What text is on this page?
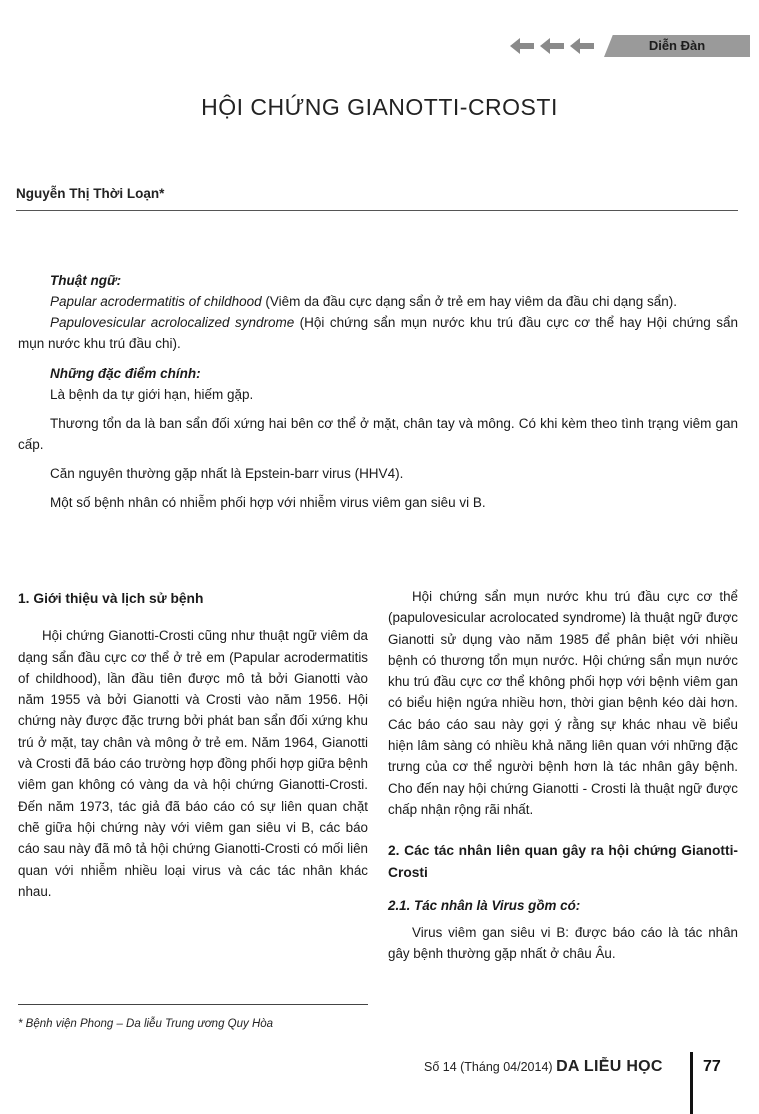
Diễn Đàn
HỘI CHỨNG GIANOTTI-CROSTI
Nguyễn Thị Thời Loạn*

Thuật ngữ:

Papular acrodermatitis of childhood (Viêm da đầu cực dạng sẩn ở trẻ em hay viêm da đầu chi dạng sẩn).

Papulovesicular acrolocalized syndrome (Hội chứng sẩn mụn nước khu trú đầu cực cơ thể hay Hội chứng sẩn mụn nước khu trú đầu chi).

Những đặc điểm chính:

Là bệnh da tự giới hạn, hiếm gặp.

Thương tổn da là ban sẩn đối xứng hai bên cơ thể ở mặt, chân tay và mông. Có khi kèm theo tình trạng viêm gan cấp.

Căn nguyên thường gặp nhất là Epstein-barr virus (HHV4).

Một số bệnh nhân có nhiễm phối hợp với nhiễm virus viêm gan siêu vi B.

1. Giới thiệu và lịch sử bệnh

Hội chứng Gianotti-Crosti cũng như thuật ngữ viêm da dạng sẩn đầu cực cơ thể ở trẻ em (Papular acrodermatitis of childhood), lần đầu tiên được mô tả bởi Gianotti vào năm 1955 và bởi Gianotti và Crosti vào năm 1956. Hội chứng này được đặc trưng bởi phát ban sẩn đối xứng khu trú ở mặt, tay chân và mông ở trẻ em. Năm 1964, Gianotti và Crosti đã báo cáo trường hợp đồng phối hợp giữa bệnh viêm gan không có vàng da và hội chứng Gianotti-Crosti. Đến năm 1973, tác giả đã báo cáo có sự liên quan chặt chẽ giữa hội chứng này với viêm gan siêu vi B, các báo cáo sau này đã mô tả hội chứng Gianotti-Crosti có mối liên quan với nhiễm nhiều loại virus và các tác nhân khác nhau.

Hội chứng sẩn mụn nước khu trú đầu cực cơ thể (papulovesicular acrolocated syndrome) là thuật ngữ được Gianotti sử dụng vào năm 1985 để phân biệt với nhiều bệnh có thương tổn mụn nước. Hội chứng sẩn mụn nước khu trú đầu cực cơ thể không phối hợp với bệnh viêm gan có biểu hiện ngứa nhiều hơn, thời gian bệnh kéo dài hơn. Các báo cáo sau này gợi ý rằng sự khác nhau về biểu hiện lâm sàng có nhiều khả năng liên quan với những đặc trưng của cơ thể người bệnh hơn là tác nhân gây bệnh. Cho đến nay hội chứng Gianotti - Crosti là thuật ngữ được chấp nhận rộng rãi nhất.

2. Các tác nhân liên quan gây ra hội chứng Gianotti-Crosti

2.1. Tác nhân là Virus gồm có:

Virus viêm gan siêu vi B: được báo cáo là tác nhân gây bệnh thường gặp nhất ở châu Âu.

* Bệnh viện Phong – Da liễu Trung ương Quy Hòa
Số 14 (Tháng 04/2014) DA LIỄU HỌC	77
